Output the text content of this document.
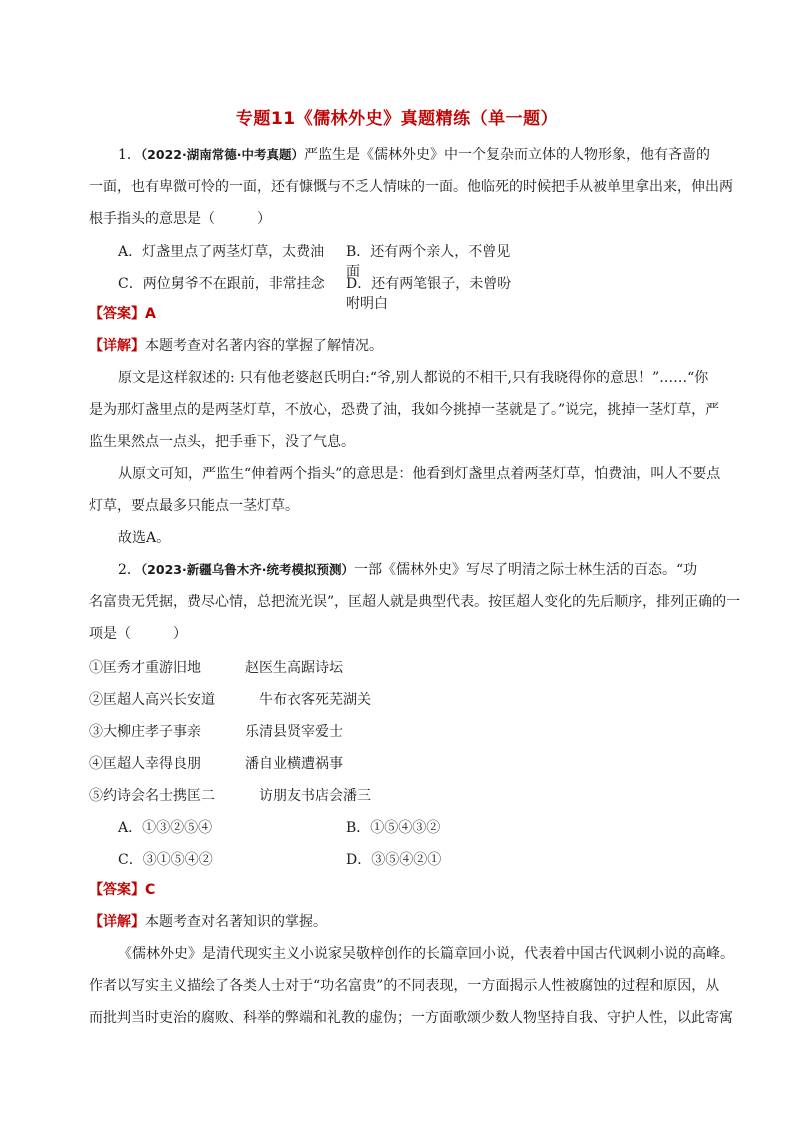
专题11《儒林外史》真题精练（单一题）
1．（2022·湖南常德·中考真题）严监生是《儒林外史》中一个复杂而立体的人物形象，他有吝啬的
一面，也有卑微可怜的一面，还有慷慨与不乏人情味的一面。他临死的时候把手从被单里拿出来，伸出两
根手指头的意思是（　　　）
A．灯盏里点了两茎灯草，太费油 B．还有两个亲人，不曾见面
C．两位舅爷不在跟前，非常挂念 D．还有两笔银子，未曾吩咐明白
【答案】A
【详解】本题考查对名著内容的掌握了解情况。
原文是这样叙述的: 只有他老婆赵氏明白:“爷,别人都说的不相干,只有我晓得你的意思！”……“你
是为那灯盏里点的是两茎灯草，不放心，恐费了油，我如今挑掉一茎就是了。”说完，挑掉一茎灯草，严
监生果然点一点头，把手垂下，没了气息。
从原文可知，严监生“伸着两个指头”的意思是：他看到灯盏里点着两茎灯草，怕费油，叫人不要点
灯草，要点最多只能点一茎灯草。
故选A。
2．（2023·新疆乌鲁木齐·统考模拟预测）一部《儒林外史》写尽了明清之际士林生活的百态。“功
名富贵无凭据，费尽心情，总把流光误”，匡超人就是典型代表。按匡超人变化的先后顺序，排列正确的一
项是（　　　）
①匡秀才重游旧地	赵医生高踞诗坛
②匡超人高兴长安道	牛布衣客死芜湖关
③大柳庄孝子事亲	乐清县贤宰爱士
④匡超人幸得良朋	潘自业横遭祸事
⑤约诗会名士携匡二	访朋友书店会潘三
A．①③②⑤④	B．①⑤④③②
C．③①⑤④②	D．③⑤④②①
【答案】C
【详解】本题考查对名著知识的掌握。
《儒林外史》是清代现实主义小说家吴敬梓创作的长篇章回小说，代表着中国古代讽刺小说的高峰。
作者以写实主义描绘了各类人士对于“功名富贵”的不同表现，一方面揭示人性被腐蚀的过程和原因，从
而批判当时吏治的腐败、科举的弊端和礼教的虚伪；一方面歌颂少数人物坚持自我、守护人性，以此寄寓
